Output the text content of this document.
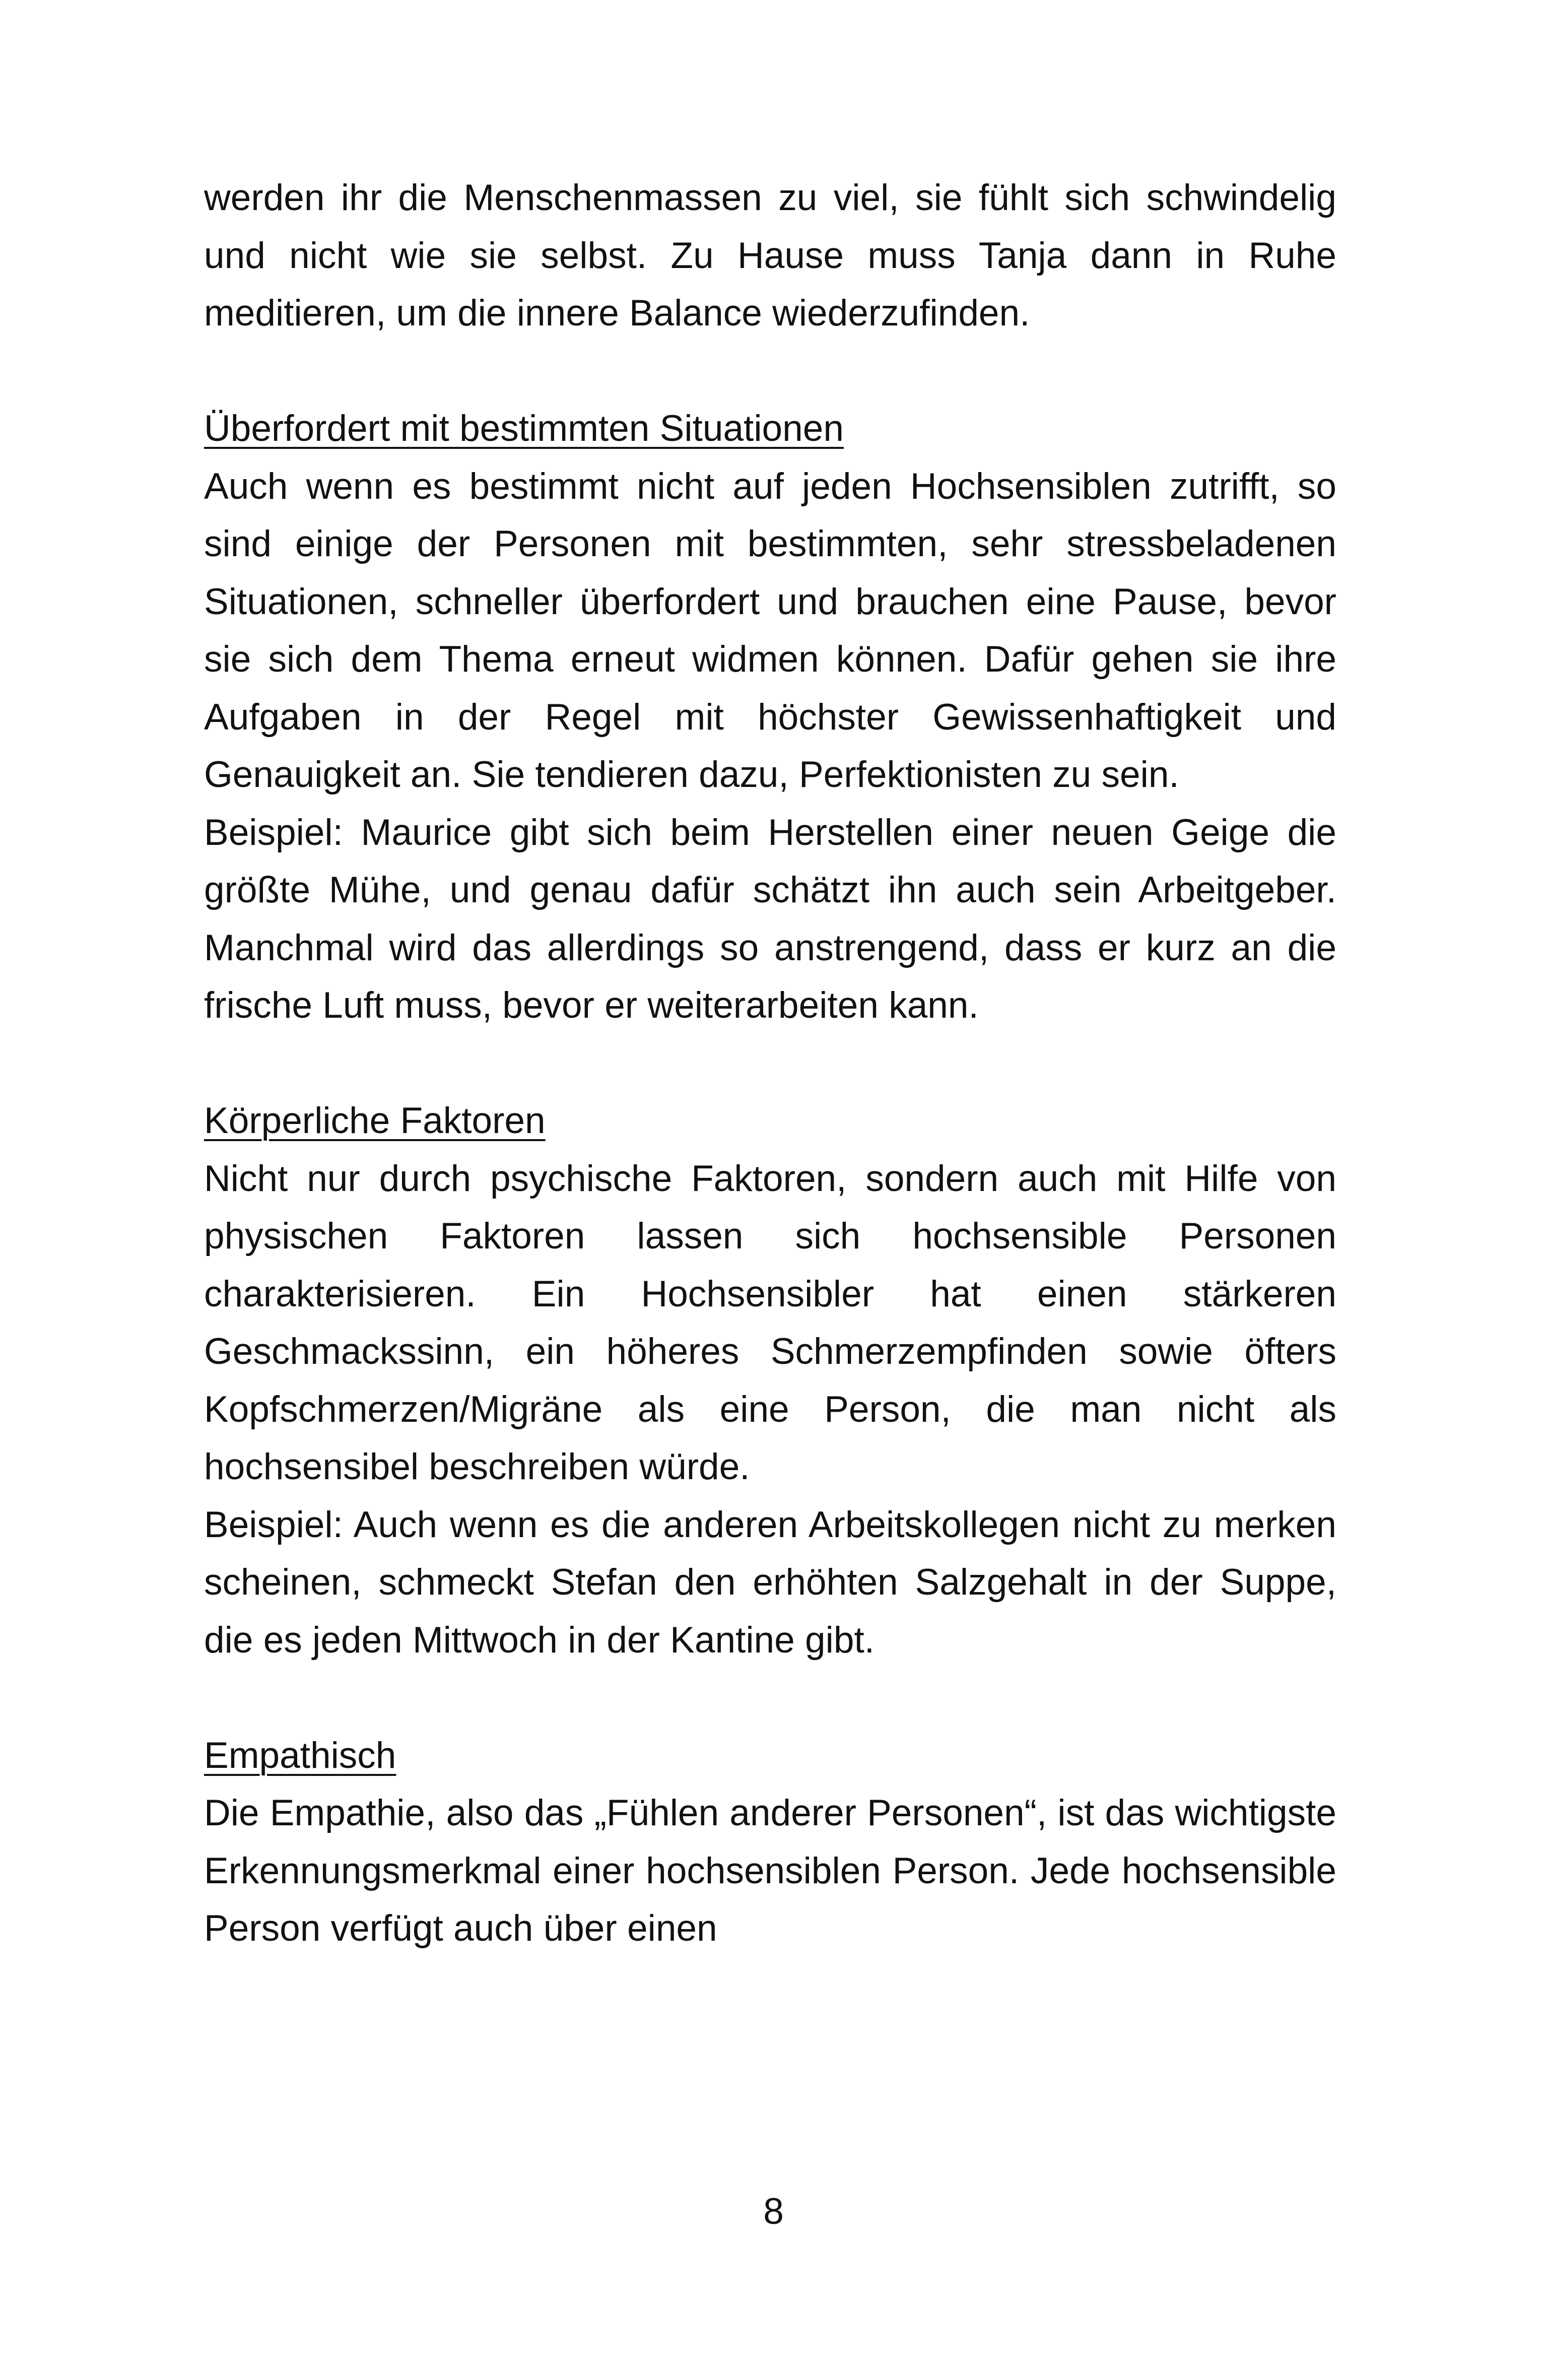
werden ihr die Menschenmassen zu viel, sie fühlt sich schwindelig und nicht wie sie selbst. Zu Hause muss Tanja dann in Ruhe meditieren, um die innere Balance wiederzufinden.

Überfordert mit bestimmten Situationen

Auch wenn es bestimmt nicht auf jeden Hochsensiblen zutrifft, so sind einige der Personen mit bestimmten, sehr stressbeladenen Situationen, schneller überfordert und brauchen eine Pause, bevor sie sich dem Thema erneut widmen können. Dafür gehen sie ihre Aufgaben in der Regel mit höchster Gewissenhaftigkeit und Genauigkeit an. Sie tendieren dazu, Perfektionisten zu sein.

Beispiel: Maurice gibt sich beim Herstellen einer neuen Geige die größte Mühe, und genau dafür schätzt ihn auch sein Arbeitgeber. Manchmal wird das allerdings so anstrengend, dass er kurz an die frische Luft muss, bevor er weiterarbeiten kann.

Körperliche Faktoren

Nicht nur durch psychische Faktoren, sondern auch mit Hilfe von physischen Faktoren lassen sich hochsensible Personen charakterisieren. Ein Hochsensibler hat einen stärkeren Geschmackssinn, ein höheres Schmerzempfinden sowie öfters Kopfschmerzen/Migräne als eine Person, die man nicht als hochsensibel beschreiben würde.

Beispiel: Auch wenn es die anderen Arbeitskollegen nicht zu merken scheinen, schmeckt Stefan den erhöhten Salzgehalt in der Suppe, die es jeden Mittwoch in der Kantine gibt.

Empathisch

Die Empathie, also das „Fühlen anderer Personen“, ist das wichtigste Erkennungsmerkmal einer hochsensiblen Person. Jede hochsensible Person verfügt auch über einen

8
